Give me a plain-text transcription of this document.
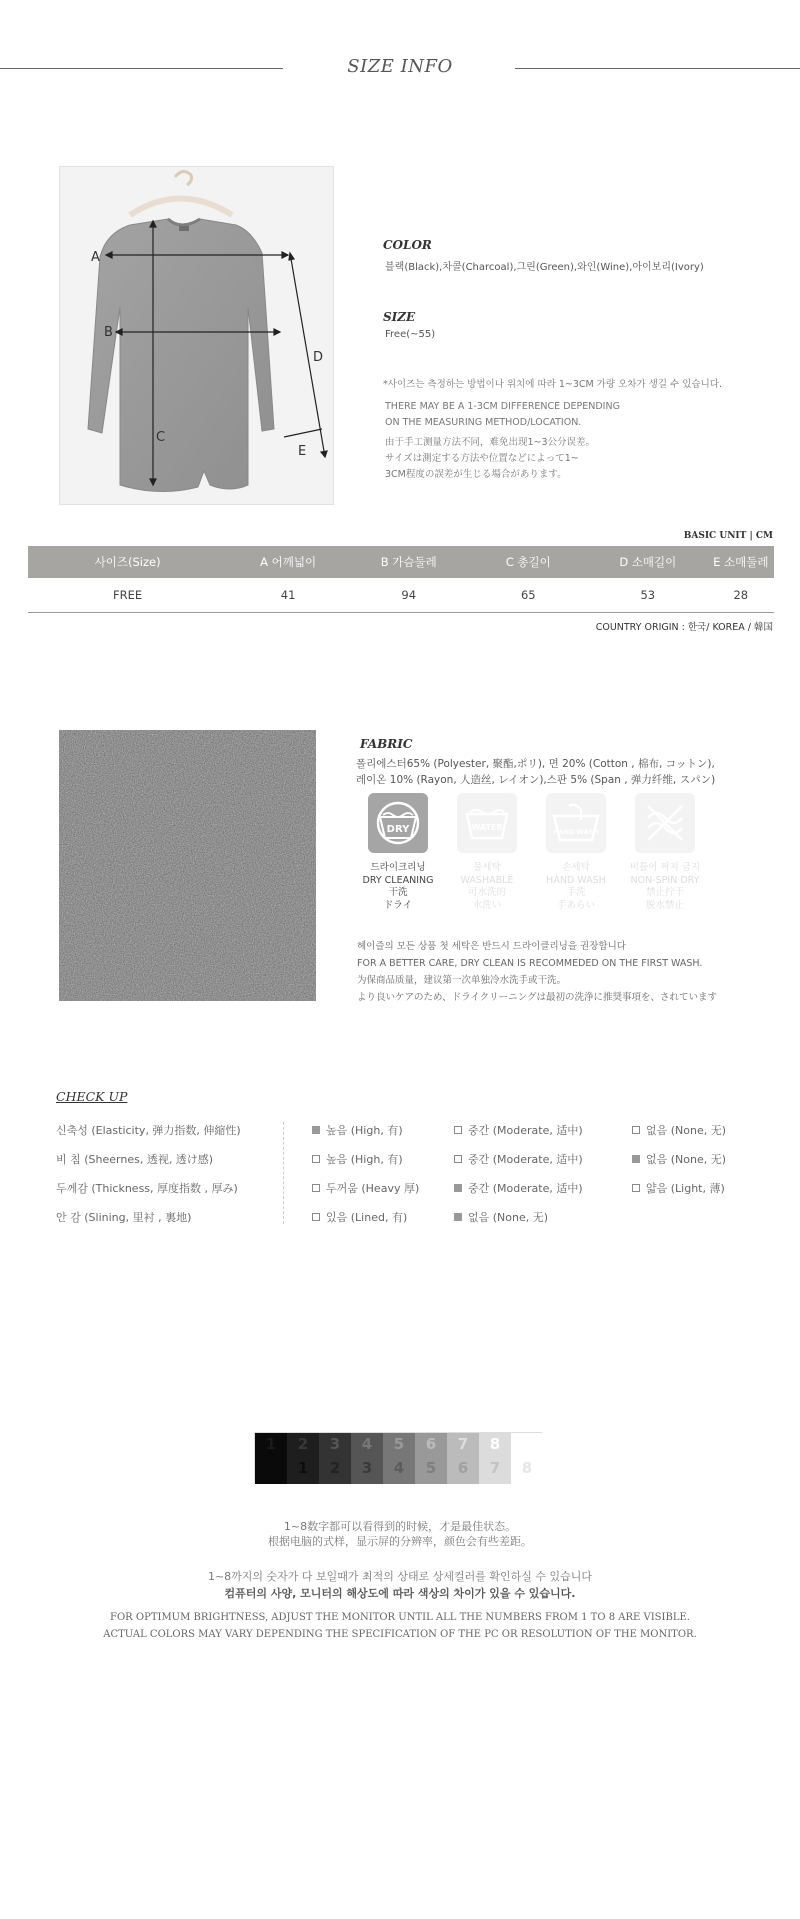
SIZE INFO
A
B
C
D
E
COLOR
블랙(Black),차콜(Charcoal),그린(Green),와인(Wine),아이보리(Ivory)
SIZE
Free(~55)
*사이즈는 측정하는 방법이나 위치에 따라 1~3CM 가량 오차가 생길 수 있습니다.
THERE MAY BE A 1-3CM DIFFERENCE DEPENDING
ON THE MEASURING METHOD/LOCATION.
由于手工测量方法不同，难免出现1~3公分误差。
サイズは測定する方法や位置などによって1~
3CM程度の誤差が生じる場合があります。
BASIC UNIT | CM
사이즈(Size)	A 어깨넓이	B 가슴둘레	C 총길이	D 소매길이	E 소매둘레
FREE	41	94	65	53	28
COUNTRY ORIGIN : 한국/ KOREA / 韓国
FABRIC
폴리에스터65% (Polyester, 聚酯,ポリ), 면 20% (Cotton , 棉布, コットン),
레이온 10% (Rayon, 人造丝, レイオン),스판 5% (Span , 弹力纤维, スパン)
DRY	WATER	HAND WASH
드라이크리닝
DRY CLEANING
干洗
ドライ
물세탁
WASHABLE
可水洗的
水洗い
손세탁
HAND WASH
手洗
手あらい
비틀어 짜지 금지
NON-SPIN DRY
禁止拧干
脱水禁止
헤이즐의 모든 상품 첫 세탁은 반드시 드라이클리닝을 권장합니다
FOR A BETTER CARE, DRY CLEAN IS RECOMMEDED ON THE FIRST WASH.
为保商品质量，建议第一次单独冷水洗手或干洗。
より良いケアのため、ドライクリーニングは最初の洗浄に推奨事項を、されています
CHECK UP
신축성 (Elasticity, 弹力指数, 伸縮性)	높음 (High, 有)	중간 (Moderate, 适中)	없음 (None, 无)
비 침 (Sheernes, 透视, 透け感)	높음 (High, 有)	중간 (Moderate, 适中)	없음 (None, 无)
두께감 (Thickness, 厚度指数 , 厚み)	두꺼움 (Heavy 厚)	중간 (Moderate, 适中)	얇음 (Light, 薄)
안 감 (Slining, 里衬 , 裏地)	있음 (Lined, 有)	없음 (None, 无)
1	2
1
3
2
4
3
5
4
6
5
7
6
8
7	8
1~8数字都可以看得到的时候，才是最佳状态。
根据电脑的式样，显示屏的分辨率，颜色会有些差距。
1~8까지의 숫자가 다 보일때가 최적의 상태로 상세컬러를 확인하실 수 있습니다
컴퓨터의 사양, 모니터의 해상도에 따라 색상의 차이가 있을 수 있습니다.
FOR OPTIMUM BRIGHTNESS, ADJUST THE MONITOR UNTIL ALL THE NUMBERS FROM 1 TO 8 ARE VISIBLE.
ACTUAL COLORS MAY VARY DEPENDING THE SPECIFICATION OF THE PC OR RESOLUTION OF THE MONITOR.
